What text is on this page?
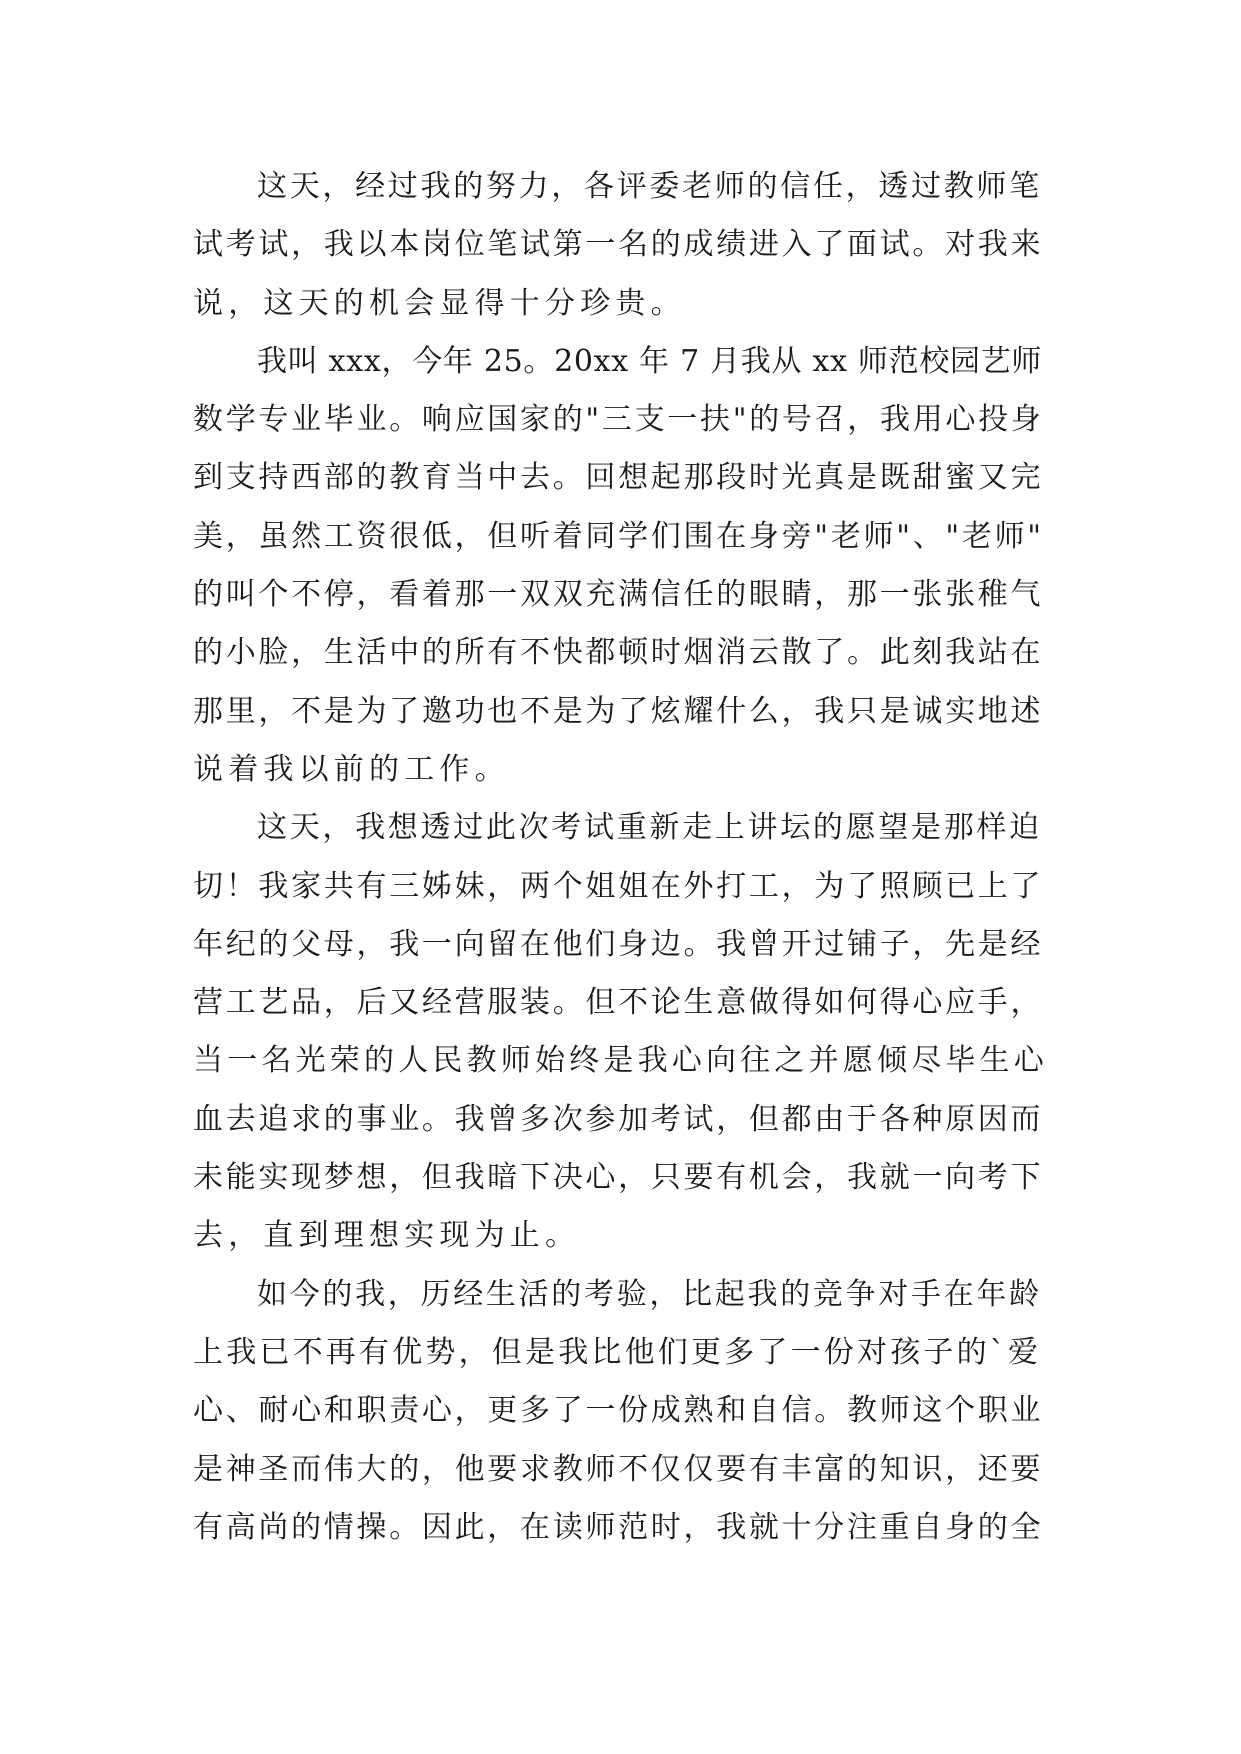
这天，经过我的努力，各评委老师的信任，透过教师笔
试考试，我以本岗位笔试第一名的成绩进入了面试。对我来
说，这天的机会显得十分珍贵。
我叫 xxx，今年 25。20xx 年 7 月我从 xx 师范校园艺师
数学专业毕业。响应国家的"三支一扶"的号召，我用心投身
到支持西部的教育当中去。回想起那段时光真是既甜蜜又完
美，虽然工资很低，但听着同学们围在身旁"老师"、"老师"
的叫个不停，看着那一双双充满信任的眼睛，那一张张稚气
的小脸，生活中的所有不快都顿时烟消云散了。此刻我站在
那里，不是为了邀功也不是为了炫耀什么，我只是诚实地述
说着我以前的工作。
这天，我想透过此次考试重新走上讲坛的愿望是那样迫
切！我家共有三姊妹，两个姐姐在外打工，为了照顾已上了
年纪的父母，我一向留在他们身边。我曾开过铺子，先是经
营工艺品，后又经营服装。但不论生意做得如何得心应手，
当一名光荣的人民教师始终是我心向往之并愿倾尽毕生心
血去追求的事业。我曾多次参加考试，但都由于各种原因而
未能实现梦想，但我暗下决心，只要有机会，我就一向考下
去，直到理想实现为止。
如今的我，历经生活的考验，比起我的竞争对手在年龄
上我已不再有优势，但是我比他们更多了一份对孩子的`爱
心、耐心和职责心，更多了一份成熟和自信。教师这个职业
是神圣而伟大的，他要求教师不仅仅要有丰富的知识，还要
有高尚的情操。因此，在读师范时，我就十分注重自身的全
